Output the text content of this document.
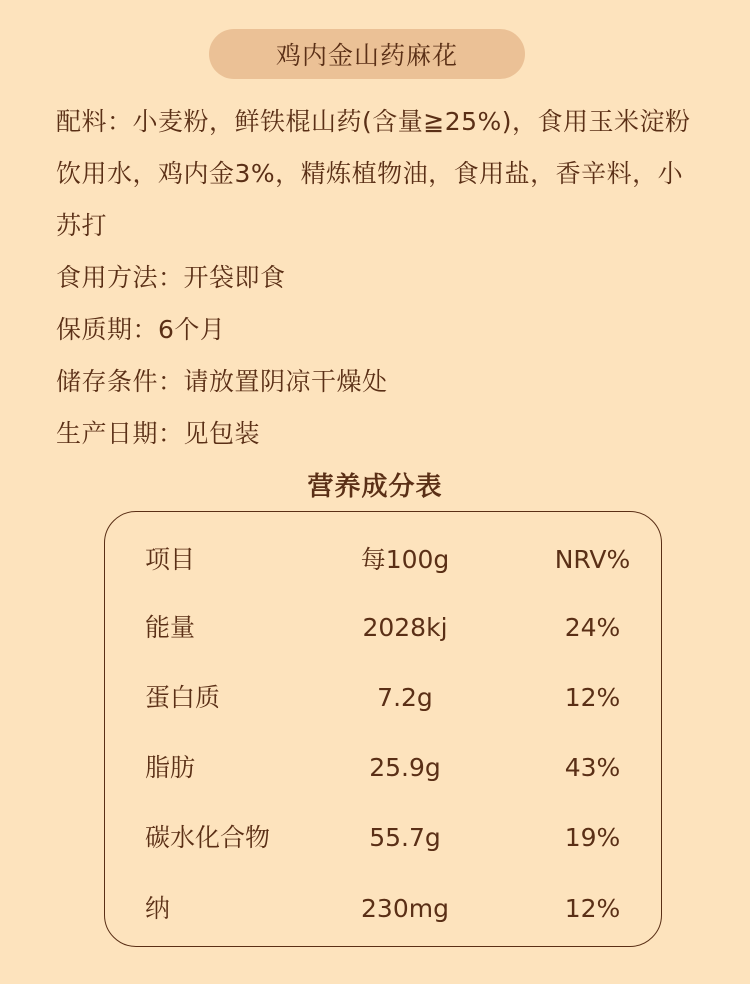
鸡内金山药麻花
配料：小麦粉，鲜铁棍山药(含量≧25%)，食用玉米淀粉
饮用水，鸡内金3%，精炼植物油，食用盐，香辛料，小
苏打
食用方法：开袋即食
保质期：6个月
储存条件：请放置阴凉干燥处
生产日期：见包装
营养成分表
项目	每100g	NRV%
能量	2028kj	24%
蛋白质	7.2g	12%
脂肪	25.9g	43%
碳水化合物	55.7g	19%
纳	230mg	12%
